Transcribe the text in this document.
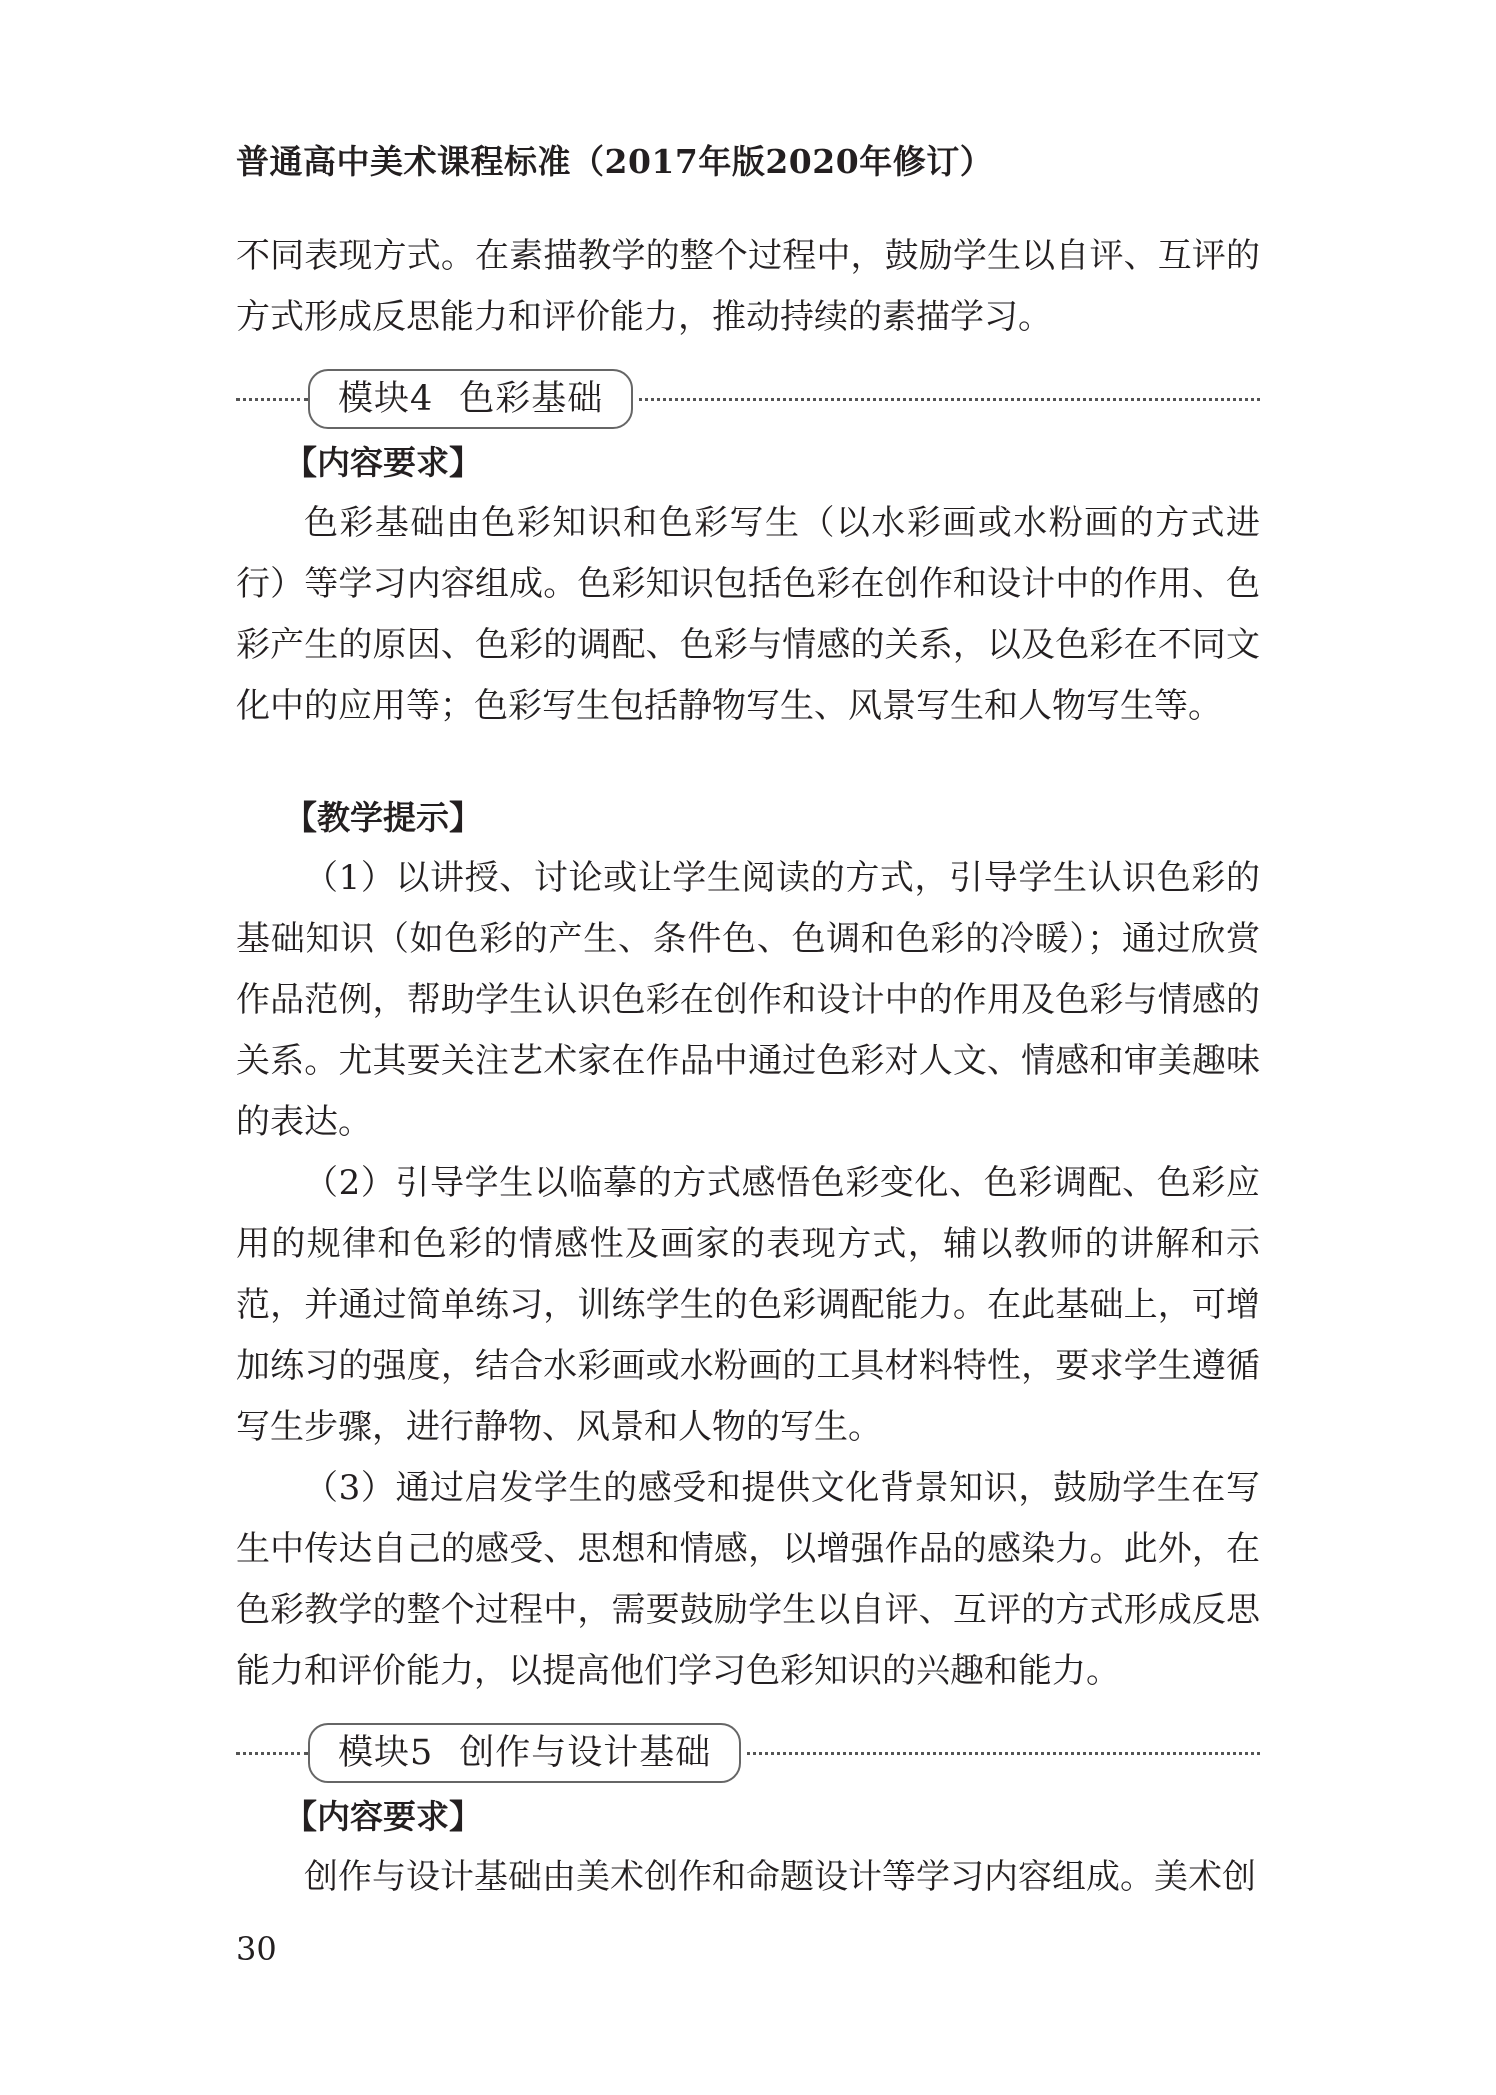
普通高中美术课程标准（2017年版2020年修订）

不同表现方式。在素描教学的整个过程中，鼓励学生以自评、互评的方式形成反思能力和评价能力，推动持续的素描学习。

模块4 色彩基础

【内容要求】

色彩基础由色彩知识和色彩写生（以水彩画或水粉画的方式进行）等学习内容组成。色彩知识包括色彩在创作和设计中的作用、色彩产生的原因、色彩的调配、色彩与情感的关系，以及色彩在不同文化中的应用等；色彩写生包括静物写生、风景写生和人物写生等。

【教学提示】

（1）以讲授、讨论或让学生阅读的方式，引导学生认识色彩的基础知识（如色彩的产生、条件色、色调和色彩的冷暖）；通过欣赏作品范例，帮助学生认识色彩在创作和设计中的作用及色彩与情感的关系。尤其要关注艺术家在作品中通过色彩对人文、情感和审美趣味的表达。

（2）引导学生以临摹的方式感悟色彩变化、色彩调配、色彩应用的规律和色彩的情感性及画家的表现方式，辅以教师的讲解和示范，并通过简单练习，训练学生的色彩调配能力。在此基础上，可增加练习的强度，结合水彩画或水粉画的工具材料特性，要求学生遵循写生步骤，进行静物、风景和人物的写生。

（3）通过启发学生的感受和提供文化背景知识，鼓励学生在写生中传达自己的感受、思想和情感，以增强作品的感染力。此外，在色彩教学的整个过程中，需要鼓励学生以自评、互评的方式形成反思能力和评价能力，以提高他们学习色彩知识的兴趣和能力。

模块5 创作与设计基础

【内容要求】

创作与设计基础由美术创作和命题设计等学习内容组成。美术创

30
